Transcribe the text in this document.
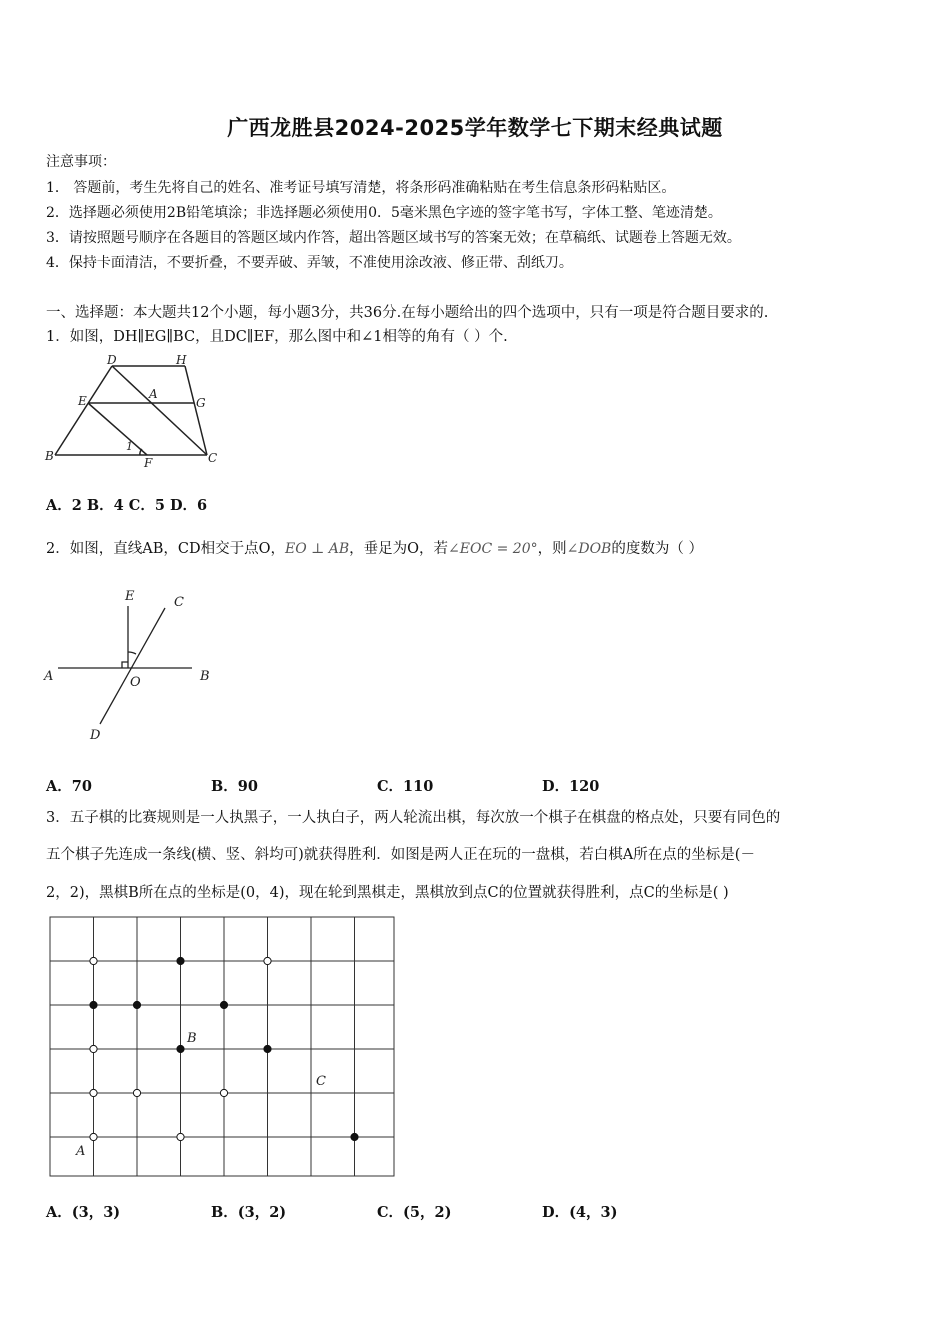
广西龙胜县2024-2025学年数学七下期末经典试题
注意事项：
1． 答题前，考生先将自己的姓名、准考证号填写清楚，将条形码准确粘贴在考生信息条形码粘贴区。
2．选择题必须使用2B铅笔填涂；非选择题必须使用0．5毫米黑色字迹的签字笔书写，字体工整、笔迹清楚。
3．请按照题号顺序在各题目的答题区域内作答，超出答题区域书写的答案无效；在草稿纸、试题卷上答题无效。
4．保持卡面清洁，不要折叠，不要弄破、弄皱，不准使用涂改液、修正带、刮纸刀。
一、选择题：本大题共12个小题，每小题3分，共36分.在每小题给出的四个选项中，只有一项是符合题目要求的.
1．如图，DH∥EG∥BC，且DC∥EF，那么图中和∠1相等的角有（ ）个.
D	H
A
E	G
B
1
F	C
A．2 B．4 C．5 D．6
2．如图，直线AB，CD相交于点O，EO ⊥ AB，垂足为O，若∠EOC = 20°，则∠DOB的度数为（ ）
E	C
A	O	B
D
A．70	B．90	C．110	D．120
3．五子棋的比赛规则是一人执黑子，一人执白子，两人轮流出棋，每次放一个棋子在棋盘的格点处，只要有同色的
五个棋子先连成一条线(横、竖、斜均可)就获得胜利．如图是两人正在玩的一盘棋，若白棋A所在点的坐标是(－
2，2)，黑棋B所在点的坐标是(0，4)，现在轮到黑棋走，黑棋放到点C的位置就获得胜利，点C的坐标是( )
A
B
C
A．(3，3)	B．(3，2)	C．(5，2)	D．(4，3)
